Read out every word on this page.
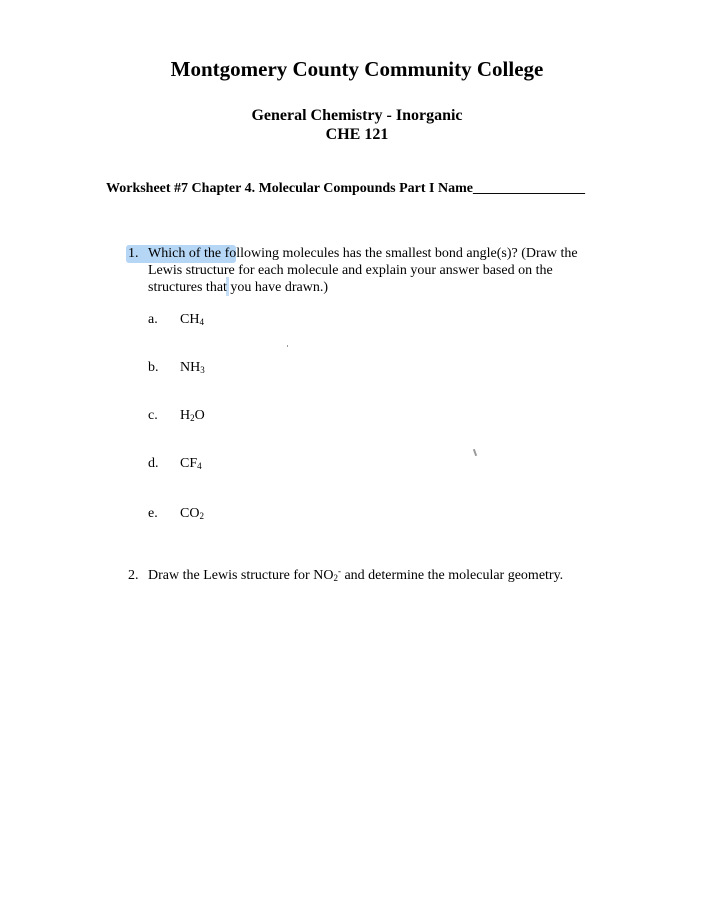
Montgomery County Community College
General Chemistry - Inorganic
CHE 121
Worksheet #7 Chapter 4. Molecular Compounds Part I Name________________
1. Which of the following molecules has the smallest bond angle(s)? (Draw the
Lewis structure for each molecule and explain your answer based on the
structures that you have drawn.)
a. $CH_4$
b. $NH_3$
c. $H_2O$
d. $CF_4$
e. $CO_2$
2. Draw the Lewis structure for $NO_2^-$ and determine the molecular geometry.
